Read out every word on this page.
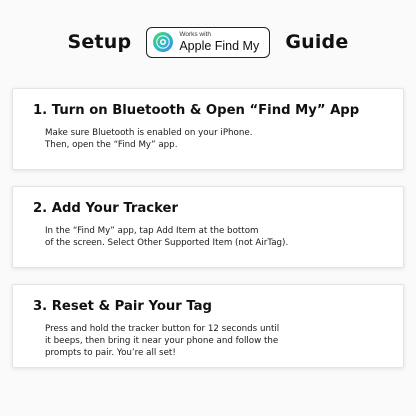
Setup	Works with
Apple Find My Guide
1. Turn on Bluetooth & Open “Find My” App

Make sure Bluetooth is enabled on your iPhone.
Then, open the “Find My” app.

2. Add Your Tracker

In the “Find My” app, tap Add Item at the bottom
of the screen. Select Other Supported Item (not AirTag).

3. Reset & Pair Your Tag

Press and hold the tracker button for 12 seconds until
it beeps, then bring it near your phone and follow the
prompts to pair. You’re all set!
